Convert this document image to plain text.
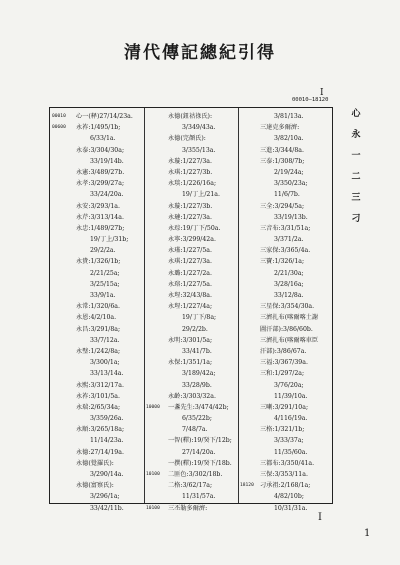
清代傳記總紀引得
I
00010—18120
00010 心一(释)27/14/23a.
00600 永祚:1/495/1b;
6/33/1a.
永泰:3/304/30a;
33/19/14b.
永憲:3/489/27b.
永孝:3/299/27a;
33/24/20a.
永安:3/293/1a.
永芹:3/313/14a.
永忠:1/489/27b;
19/丁上/31b;
29/2/2a.
永貴:1/326/1b;
2/21/25a;
3/25/15a;
33/9/1a.
永常:1/320/6a.
永恩:4/2/10a.
永昌:3/291/8a;
33/7/12a.
永璧:1/242/8a;
3/300/1a;
33/13/14a.
永熙:3/312/17a.
永祚:3/101/5a.
永瑞:2/65/34a;
3/359/26a.
永順:3/265/18a;
11/14/23a.
永德:27/14/19a.
永德(覺羅氏):
3/290/14a.
永德(富察氏):
3/296/1a;
33/42/11b.
永德(鈕祜祿氏):
3/349/43a.
永德(完顏氏):
3/355/13a.
永璇:1/227/3a.
永琪:1/227/3b.
永琰:1/226/16a;
19/丁上/21a.
永璇:1/227/3b.
永璉:1/227/3a.
永琮:19/丁下/50a.
永寧:3/299/42a.
永璂:1/227/5a.
永琪:1/227/3a.
永璐:1/227/2a.
永瑢:1/227/5a.
永瑆:32/43/8a.
永瑆:1/227/4a;
19/丁下/8a;
29/2/2b.
永明:3/301/5a;
33/41/7b.
永保:1/351/1a;
3/189/42a;
33/28/9b.
永齡:3/303/32a.
10000 一盞先生:3/474/42b;
6/35/22b;
7/48/7a.
一智(釋):19/癸下/12b;
27/14/20a.
一撰(釋):19/癸下/18b.
10100 二匪色:3/302/18b.
二格:3/62/17a;
11/31/57a.
10100 三丕勒多爾濟:
3/81/13a.
三達克多爾濟:
3/82/10a.
三進:3/344/8a.
三泰:1/308/7b;
2/19/24a;
3/350/23a;
11/6/7b.
三全:3/294/5a;
33/19/13b.
三音布:3/31/51a;
3/371/2a.
三家保:3/365/4a.
三寶:1/326/1a;
2/21/30a;
3/28/16a;
33/12/8a.
三星保:3/354/30a.
三濟扎布(喀爾喀土謝
圖汗部):3/86/60b.
三濟扎布(喀爾喀車臣
汗部):3/86/67a.
三福:3/367/39a.
三和:1/297/2a;
3/76/20a;
11/39/10a.
三喇:3/291/10a;
4/116/19a.
三格:1/321/1b;
3/33/37a;
11/35/60a.
三都布:3/350/41a.
三保:3/353/11a.
18120 刁承祖:2/168/1a;
4/82/10b;
10/31/31a.
心
永
一
二
三
刁
I
1
